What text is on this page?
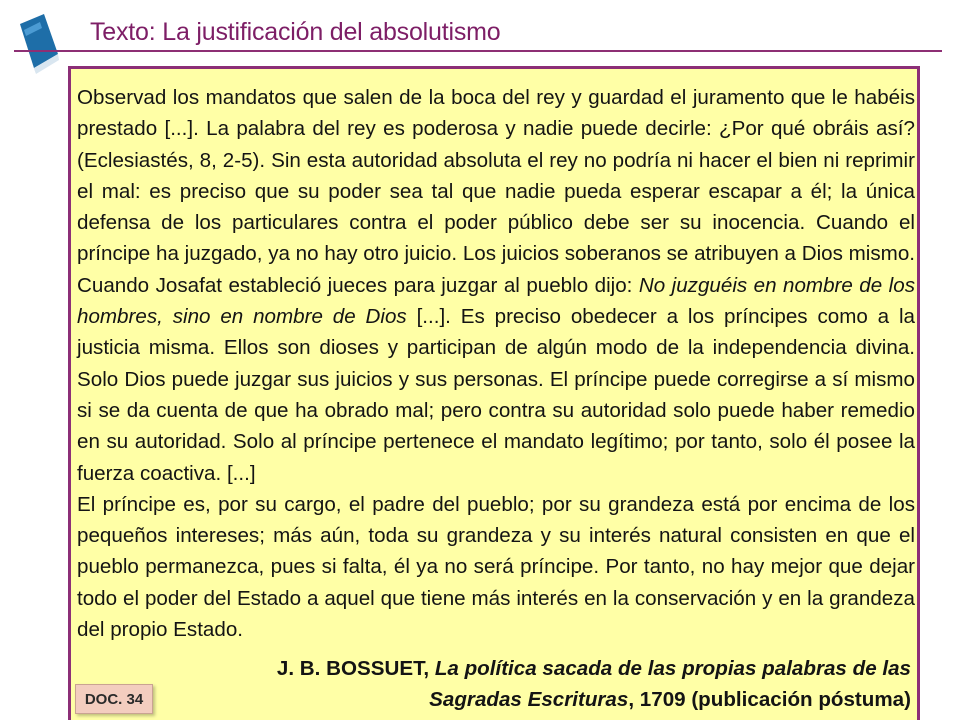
Texto: La justificación del absolutismo

Observad los mandatos que salen de la boca del rey y guardad el juramento que le habéis prestado [...]. La palabra del rey es poderosa y nadie puede decirle: ¿Por qué obráis así? (Eclesiastés, 8, 2-5). Sin esta autoridad absoluta el rey no podría ni hacer el bien ni reprimir el mal: es preciso que su poder sea tal que nadie pueda esperar escapar a él; la única defensa de los particulares contra el poder público debe ser su inocencia. Cuando el príncipe ha juzgado, ya no hay otro juicio. Los juicios soberanos se atribuyen a Dios mismo. Cuando Josafat estableció jueces para juzgar al pueblo dijo: No juzguéis en nombre de los hombres, sino en nombre de Dios [...]. Es preciso obedecer a los príncipes como a la justicia misma. Ellos son dioses y participan de algún modo de la independencia divina. Solo Dios puede juzgar sus juicios y sus personas. El príncipe puede corregirse a sí mismo si se da cuenta de que ha obrado mal; pero contra su autoridad solo puede haber remedio en su autoridad. Solo al príncipe pertenece el mandato legítimo; por tanto, solo él posee la fuerza coactiva. [...]

El príncipe es, por su cargo, el padre del pueblo; por su grandeza está por encima de los pequeños intereses; más aún, toda su grandeza y su interés natural consisten en que el pueblo permanezca, pues si falta, él ya no será príncipe. Por tanto, no hay mejor que dejar todo el poder del Estado a aquel que tiene más interés en la conservación y en la grandeza del propio Estado.

J. B. BOSSUET, La política sacada de las propias palabras de las Sagradas Escrituras, 1709 (publicación póstuma)
DOC. 34
